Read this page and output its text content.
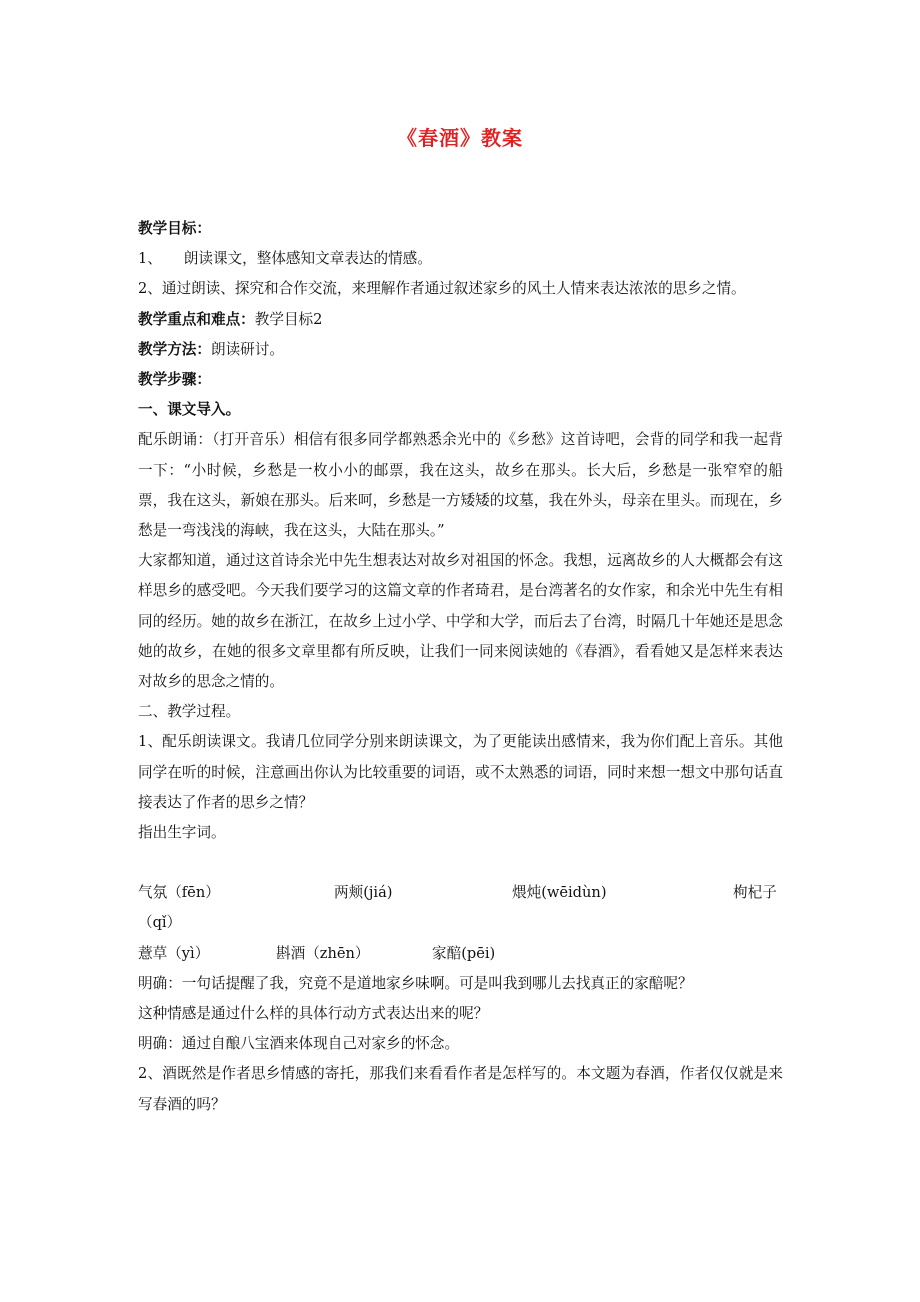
《春酒》教案

教学目标：

1、　　朗读课文，整体感知文章表达的情感。

2、通过朗读、探究和合作交流，来理解作者通过叙述家乡的风土人情来表达浓浓的思乡之情。

教学重点和难点：教学目标2

教学方法：朗读研讨。

教学步骤：

一、课文导入。

配乐朗诵：（打开音乐）相信有很多同学都熟悉余光中的《乡愁》这首诗吧，会背的同学和我一起背一下：“小时候，乡愁是一枚小小的邮票，我在这头，故乡在那头。长大后，乡愁是一张窄窄的船票，我在这头，新娘在那头。后来呵，乡愁是一方矮矮的坟墓，我在外头，母亲在里头。而现在，乡愁是一弯浅浅的海峡，我在这头，大陆在那头。”

大家都知道，通过这首诗余光中先生想表达对故乡对祖国的怀念。我想，远离故乡的人大概都会有这样思乡的感受吧。今天我们要学习的这篇文章的作者琦君，是台湾著名的女作家，和余光中先生有相同的经历。她的故乡在浙江，在故乡上过小学、中学和大学，而后去了台湾，时隔几十年她还是思念她的故乡，在她的很多文章里都有所反映，让我们一同来阅读她的《春酒》，看看她又是怎样来表达对故乡的思念之情的。

二、教学过程。

1、配乐朗读课文。我请几位同学分别来朗读课文，为了更能读出感情来，我为你们配上音乐。其他同学在听的时候，注意画出你认为比较重要的词语，或不太熟悉的词语，同时来想一想文中那句话直接表达了作者的思乡之情？

指出生字词。

气氛（fēn）	两颊(jiá)	煨炖(wēidùn)	枸杞子

（qǐ）

薏草（yì）	斟酒（zhēn）	家醅(pēi)

明确：一句话提醒了我，究竟不是道地家乡味啊。可是叫我到哪儿去找真正的家醅呢？

这种情感是通过什么样的具体行动方式表达出来的呢？

明确：通过自酿八宝酒来体现自己对家乡的怀念。

2、酒既然是作者思乡情感的寄托，那我们来看看作者是怎样写的。本文题为春酒，作者仅仅就是来写春酒的吗？
